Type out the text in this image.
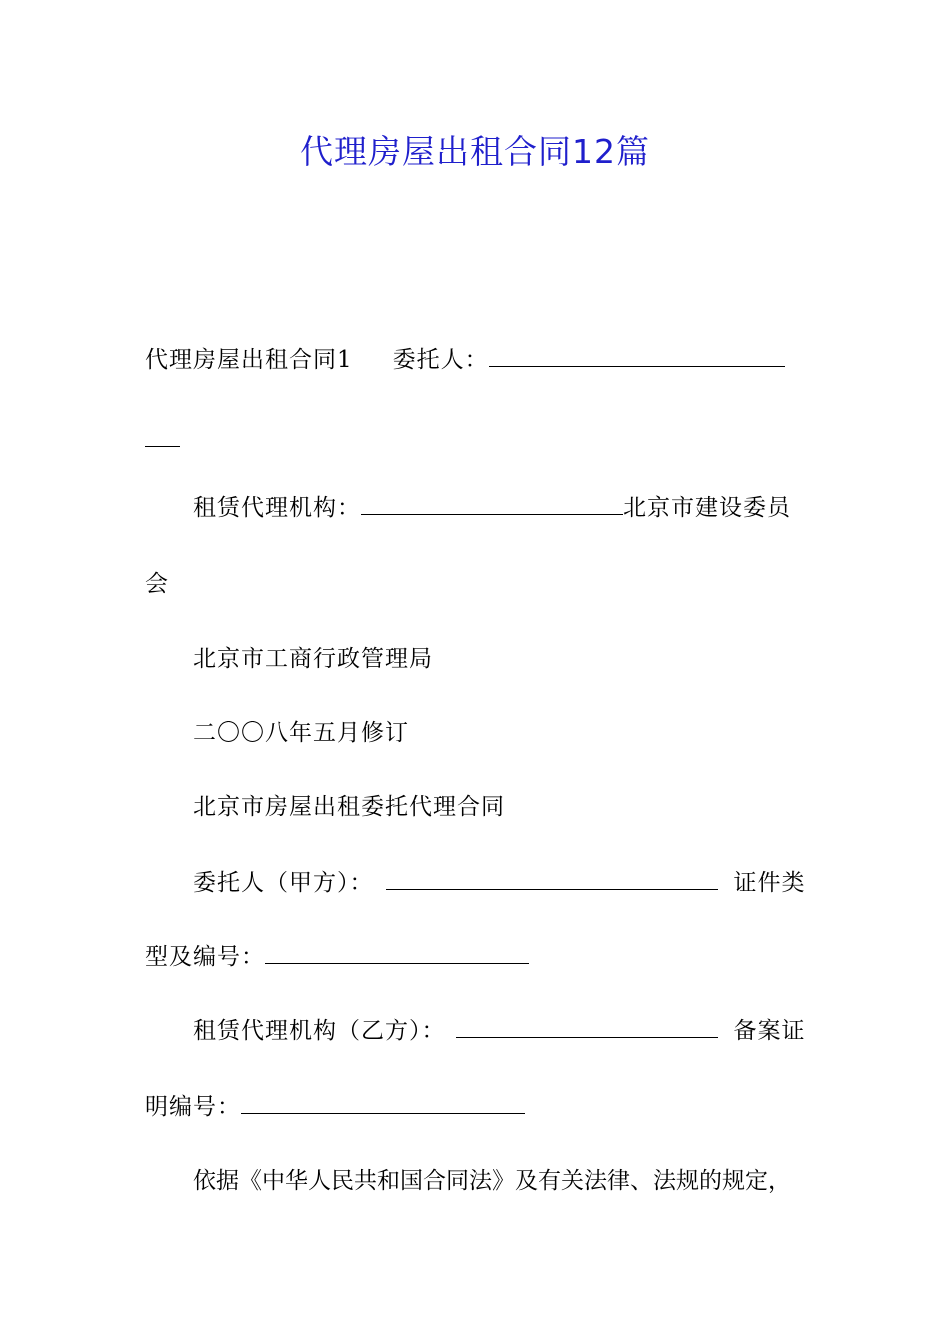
代理房屋出租合同12篇
代理房屋出租合同1 委托人：
租赁代理机构：	北京市建设委员
会
北京市工商行政管理局
二〇〇八年五月修订
北京市房屋出租委托代理合同
委托人（甲方）：	证件类
型及编号：
租赁代理机构（乙方）：	备案证
明编号：
依据《中华人民共和国合同法》及有关法律、法规的规定，
